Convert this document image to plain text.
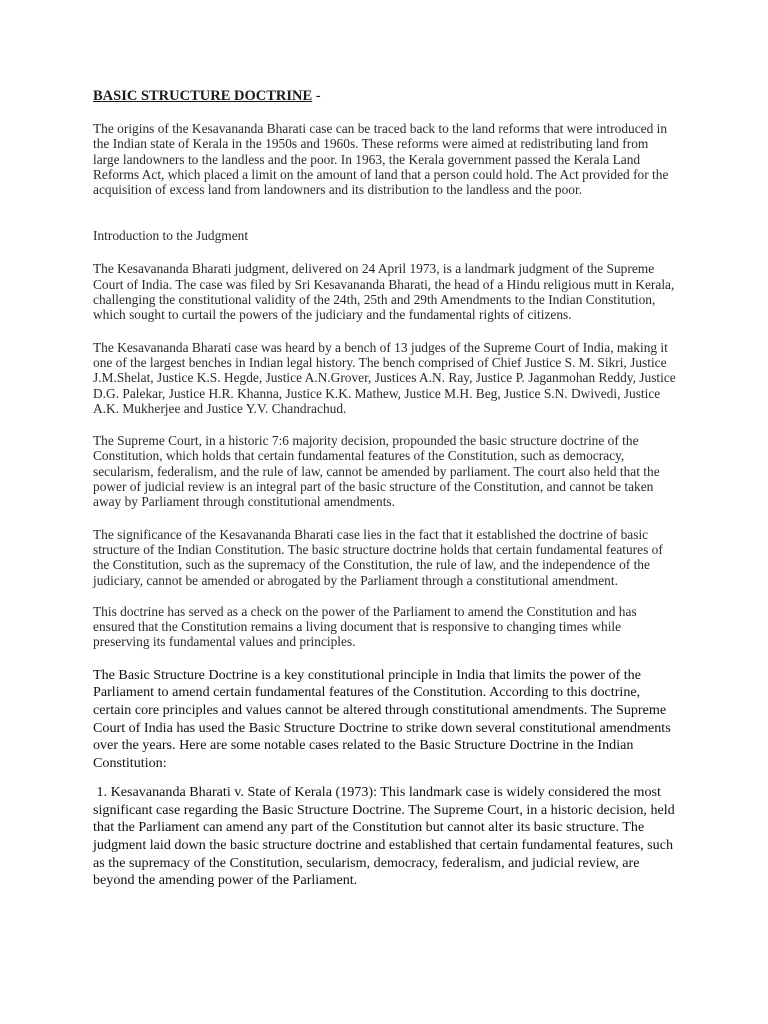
BASIC STRUCTURE DOCTRINE -

The origins of the Kesavananda Bharati case can be traced back to the land reforms that were introduced in the Indian state of Kerala in the 1950s and 1960s. These reforms were aimed at redistributing land from large landowners to the landless and the poor. In 1963, the Kerala government passed the Kerala Land Reforms Act, which placed a limit on the amount of land that a person could hold. The Act provided for the acquisition of excess land from landowners and its distribution to the landless and the poor.

Introduction to the Judgment

The Kesavananda Bharati judgment, delivered on 24 April 1973, is a landmark judgment of the Supreme Court of India. The case was filed by Sri Kesavananda Bharati, the head of a Hindu religious mutt in Kerala, challenging the constitutional validity of the 24th, 25th and 29th Amendments to the Indian Constitution, which sought to curtail the powers of the judiciary and the fundamental rights of citizens.

The Kesavananda Bharati case was heard by a bench of 13 judges of the Supreme Court of India, making it one of the largest benches in Indian legal history. The bench comprised of Chief Justice S. M. Sikri, Justice J.M.Shelat, Justice K.S. Hegde, Justice A.N.Grover, Justices A.N. Ray, Justice P. Jaganmohan Reddy, Justice D.G. Palekar, Justice H.R. Khanna, Justice K.K. Mathew, Justice M.H. Beg, Justice S.N. Dwivedi, Justice A.K. Mukherjee and Justice Y.V. Chandrachud.

The Supreme Court, in a historic 7:6 majority decision, propounded the basic structure doctrine of the Constitution, which holds that certain fundamental features of the Constitution, such as democracy, secularism, federalism, and the rule of law, cannot be amended by parliament. The court also held that the power of judicial review is an integral part of the basic structure of the Constitution, and cannot be taken away by Parliament through constitutional amendments.

The significance of the Kesavananda Bharati case lies in the fact that it established the doctrine of basic structure of the Indian Constitution. The basic structure doctrine holds that certain fundamental features of the Constitution, such as the supremacy of the Constitution, the rule of law, and the independence of the judiciary, cannot be amended or abrogated by the Parliament through a constitutional amendment.

This doctrine has served as a check on the power of the Parliament to amend the Constitution and has ensured that the Constitution remains a living document that is responsive to changing times while preserving its fundamental values and principles.

The Basic Structure Doctrine is a key constitutional principle in India that limits the power of the Parliament to amend certain fundamental features of the Constitution. According to this doctrine, certain core principles and values cannot be altered through constitutional amendments. The Supreme Court of India has used the Basic Structure Doctrine to strike down several constitutional amendments over the years. Here are some notable cases related to the Basic Structure Doctrine in the Indian Constitution:

1. Kesavananda Bharati v. State of Kerala (1973): This landmark case is widely considered the most significant case regarding the Basic Structure Doctrine. The Supreme Court, in a historic decision, held that the Parliament can amend any part of the Constitution but cannot alter its basic structure. The judgment laid down the basic structure doctrine and established that certain fundamental features, such as the supremacy of the Constitution, secularism, democracy, federalism, and judicial review, are beyond the amending power of the Parliament.
